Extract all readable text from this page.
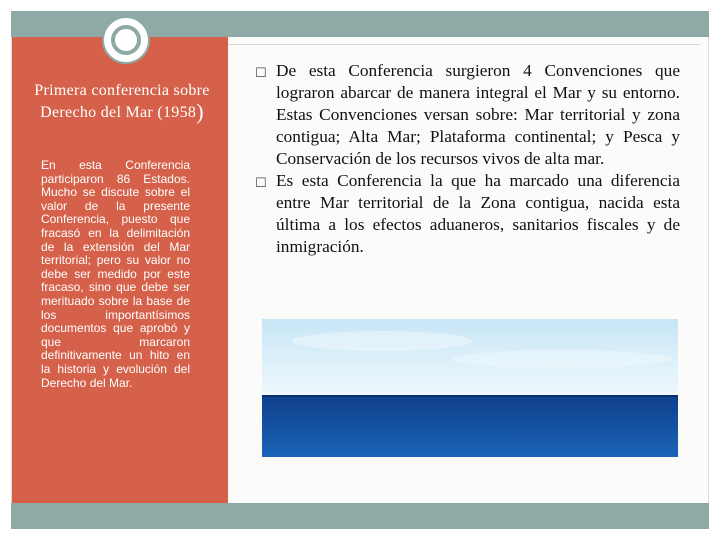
Primera conferencia sobre Derecho del Mar (1958)
En esta Conferencia participaron 86 Estados. Mucho se discute sobre el valor de la presente Conferencia, puesto que fracasó en la delimitación de la extensión del Mar territorial; pero su valor no debe ser medido por este fracaso, sino que debe ser merituado sobre la base de los importantísimos documentos que aprobó y que marcaron definitivamente un hito en la historia y evolución del Derecho del Mar.
☐ De esta Conferencia surgieron 4 Convenciones que lograron abarcar de manera integral el Mar y su entorno. Estas Convenciones versan sobre: Mar territorial y zona contigua; Alta Mar; Plataforma continental; y Pesca y Conservación de los recursos vivos de alta mar.
☐ Es esta Conferencia la que ha marcado una diferencia entre Mar territorial de la Zona contigua, nacida esta última a los efectos aduaneros, sanitarios fiscales y de inmigración.
